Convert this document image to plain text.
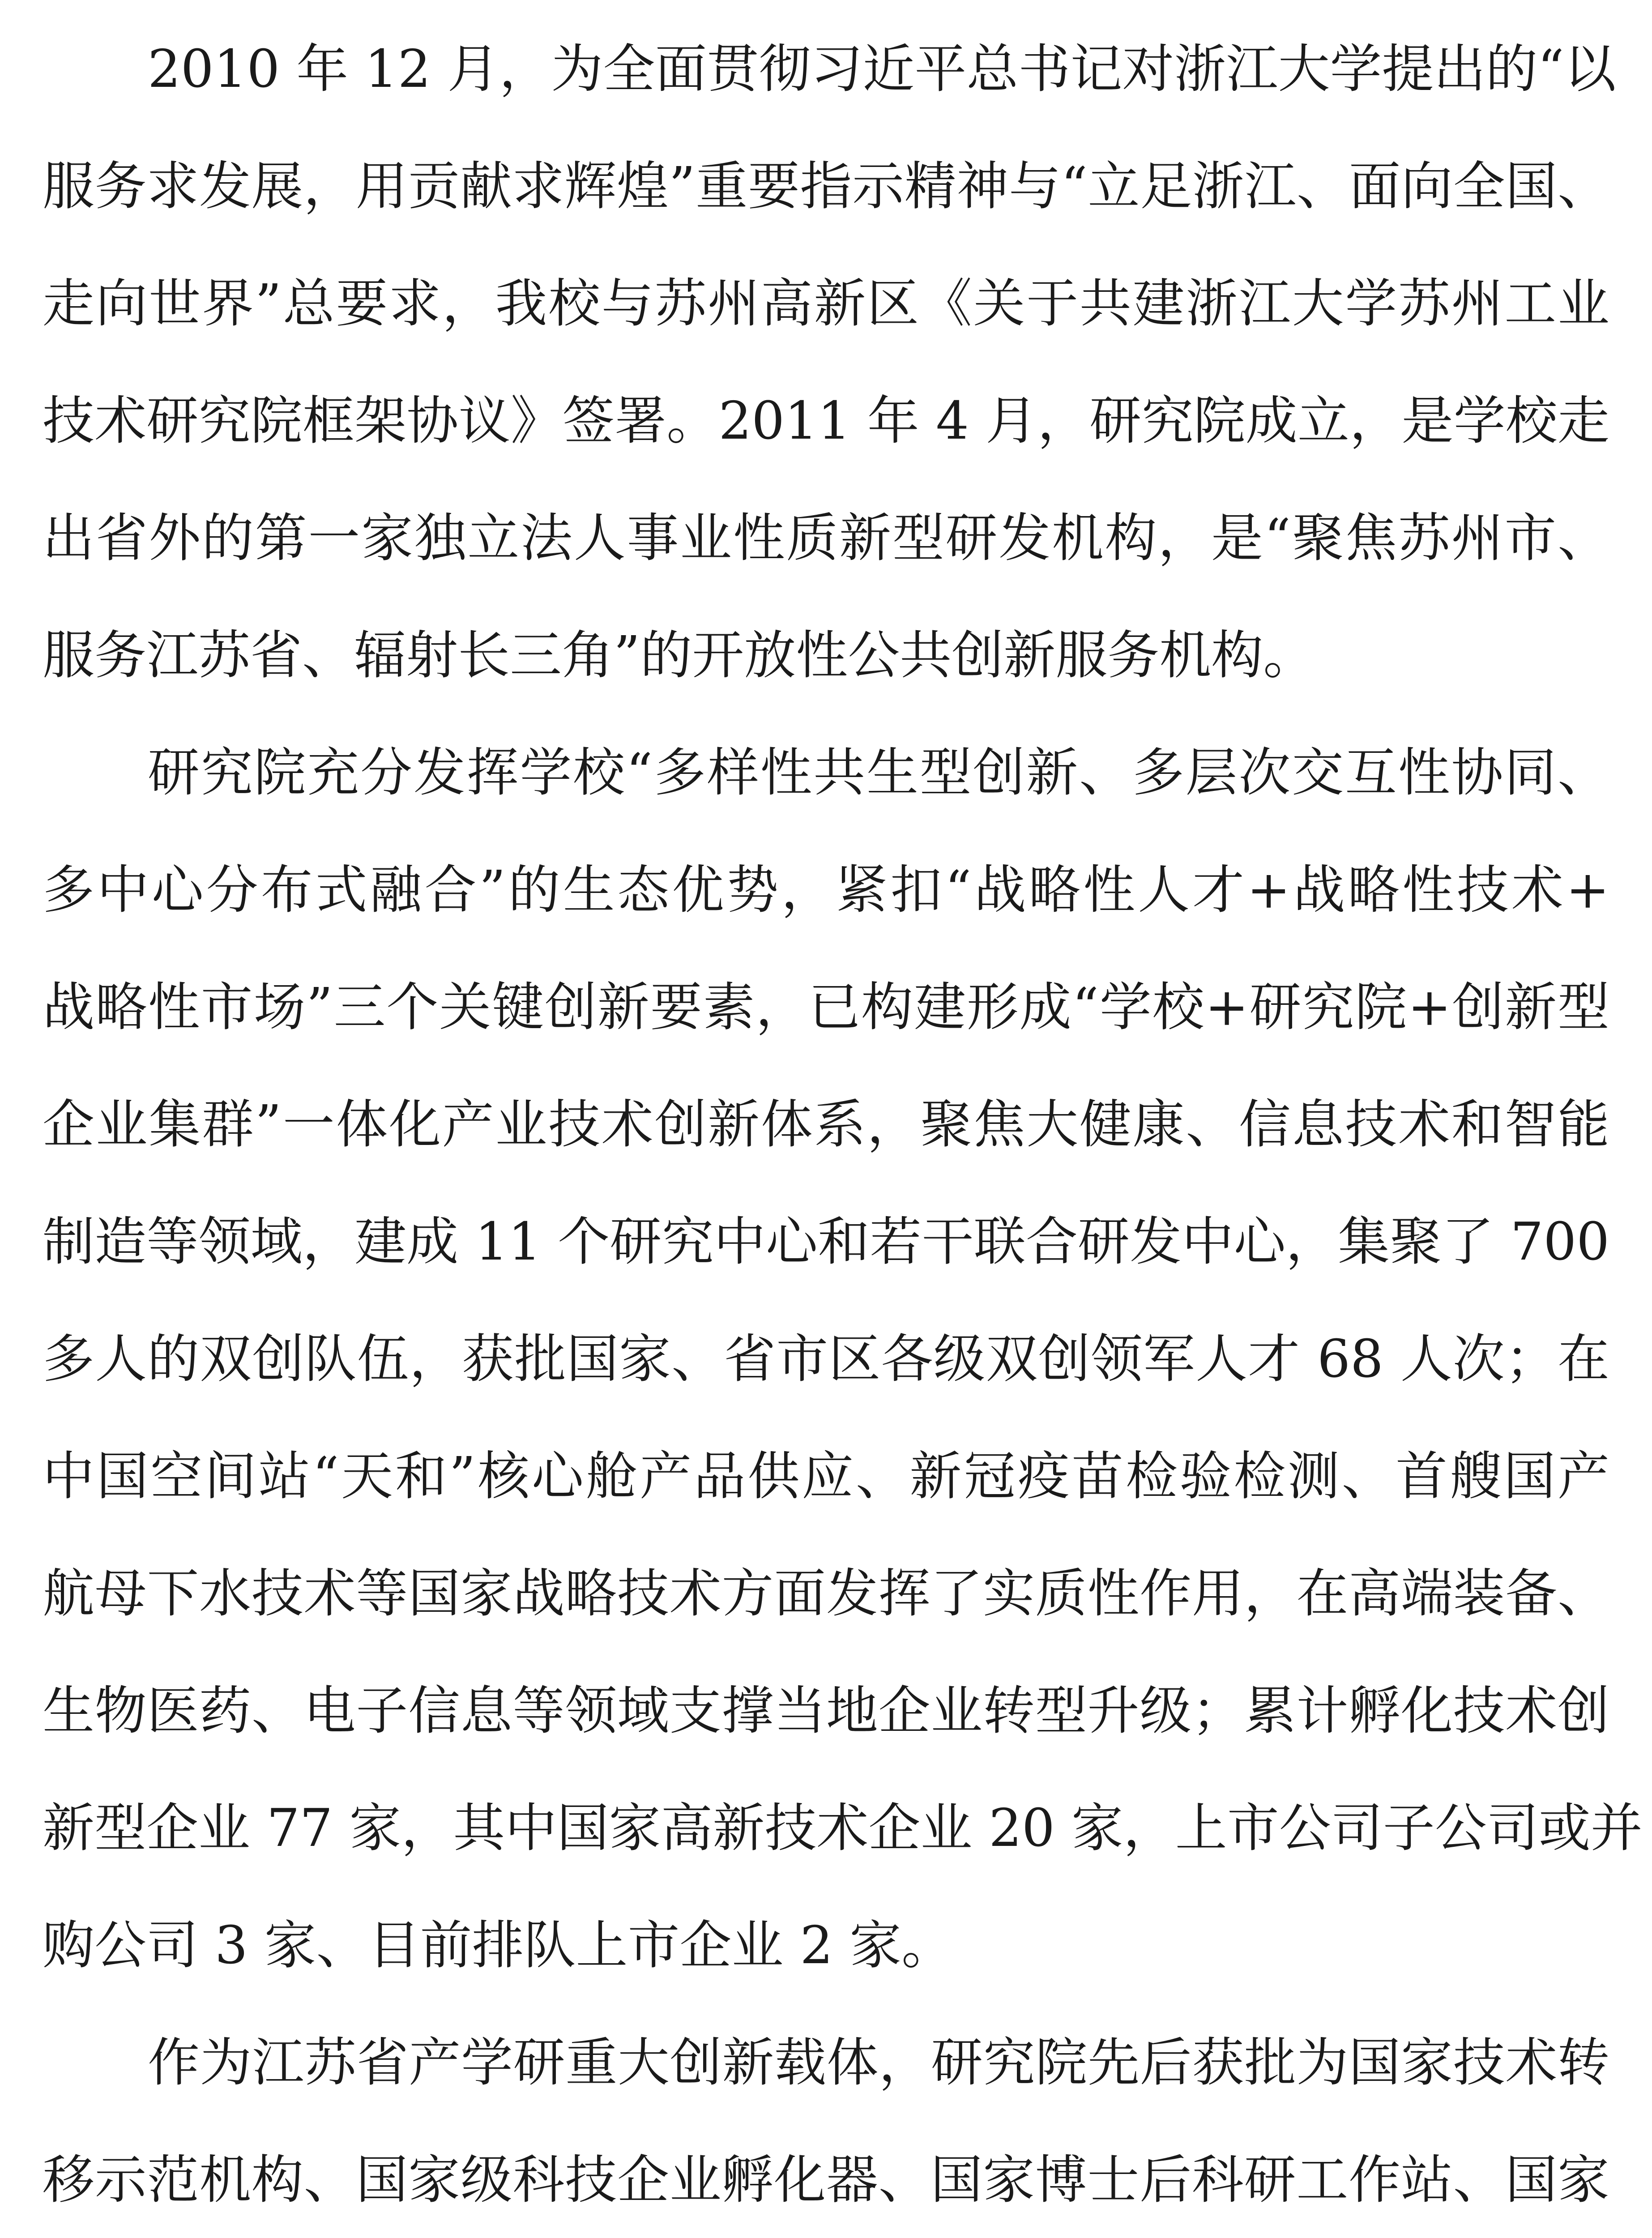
2010 年 12 月，为全面贯彻习近平总书记对浙江大学提出的“以
服务求发展，用贡献求辉煌”重要指示精神与“立足浙江、面向全国、
走向世界”总要求，我校与苏州高新区《关于共建浙江大学苏州工业
技术研究院框架协议》签署。2011 年 4 月，研究院成立，是学校走
出省外的第一家独立法人事业性质新型研发机构，是“聚焦苏州市、
服务江苏省、辐射长三角”的开放性公共创新服务机构。
研究院充分发挥学校“多样性共生型创新、多层次交互性协同、
多中心分布式融合”的生态优势，紧扣“战略性人才+战略性技术+
战略性市场”三个关键创新要素，已构建形成“学校+研究院+创新型
企业集群”一体化产业技术创新体系，聚焦大健康、信息技术和智能
制造等领域，建成 11 个研究中心和若干联合研发中心，集聚了 700
多人的双创队伍，获批国家、省市区各级双创领军人才 68 人次；在
中国空间站“天和”核心舱产品供应、新冠疫苗检验检测、首艘国产
航母下水技术等国家战略技术方面发挥了实质性作用，在高端装备、
生物医药、电子信息等领域支撑当地企业转型升级；累计孵化技术创
新型企业 77 家，其中国家高新技术企业 20 家，上市公司子公司或并
购公司 3 家、目前排队上市企业 2 家。
作为江苏省产学研重大创新载体，研究院先后获批为国家技术转
移示范机构、国家级科技企业孵化器、国家博士后科研工作站、国家
